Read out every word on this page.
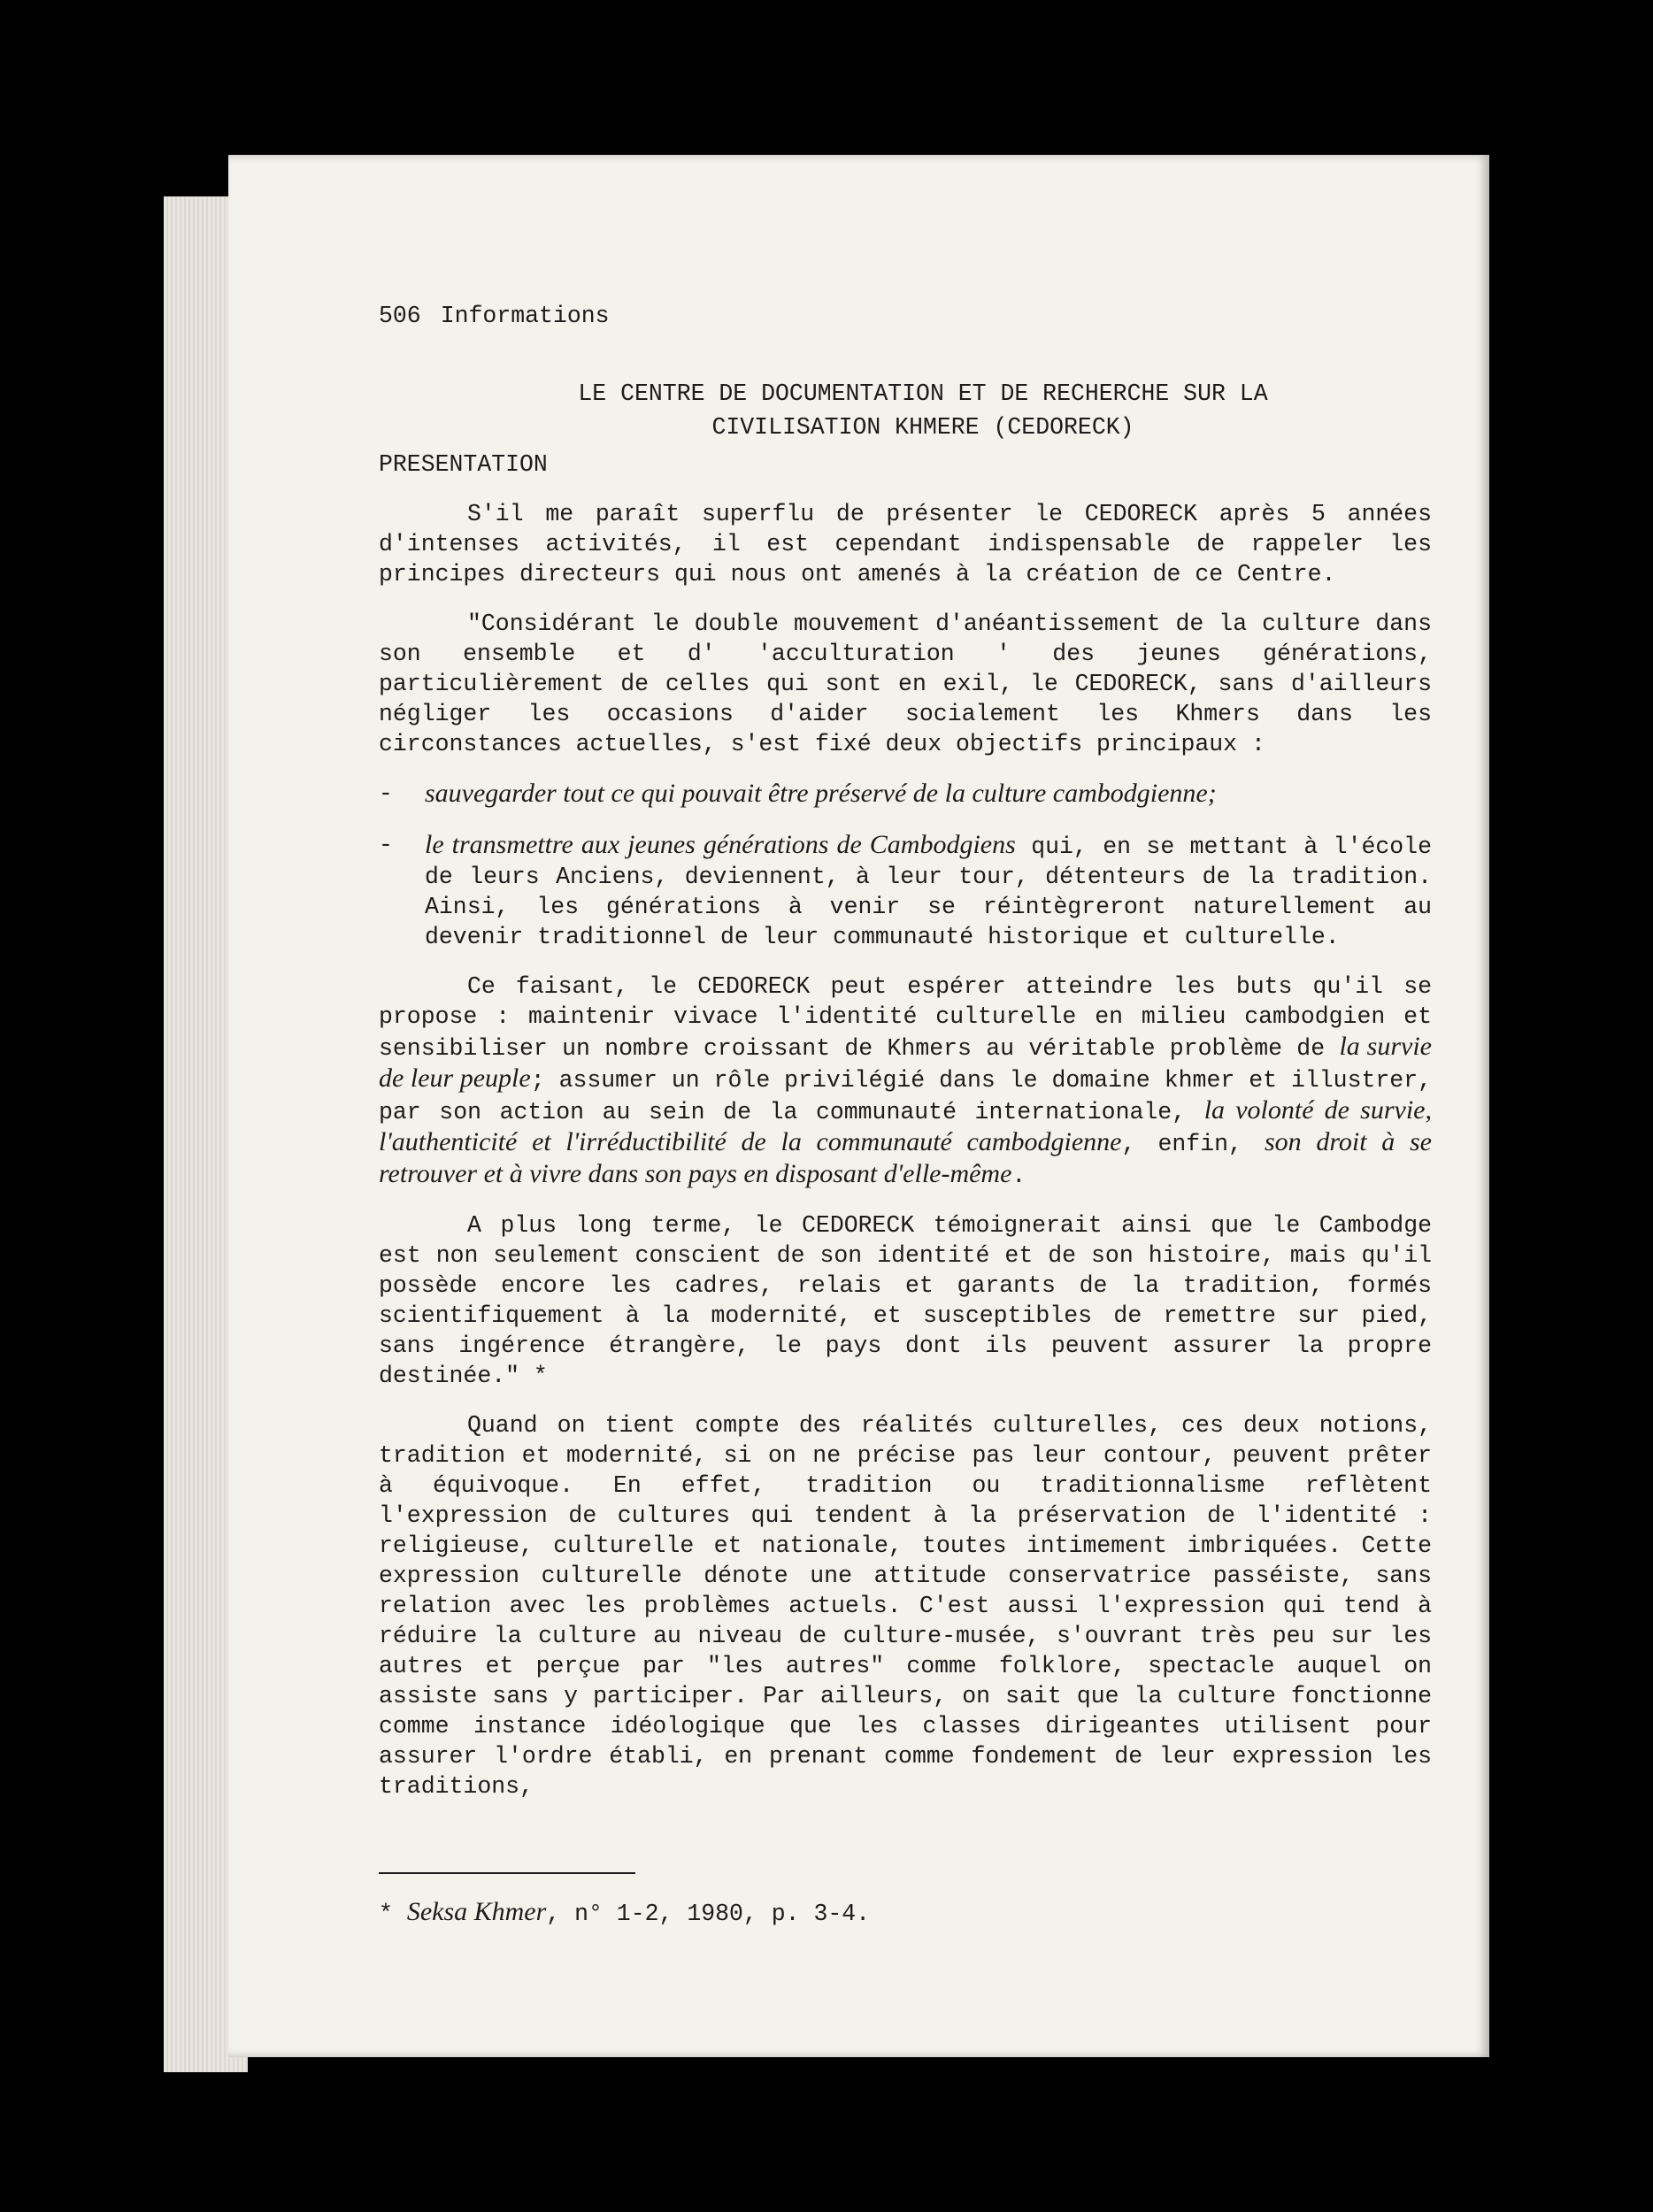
506 Informations
LE CENTRE DE DOCUMENTATION ET DE RECHERCHE SUR LA
CIVILISATION KHMERE (CEDORECK)
PRESENTATION

S'il me paraît superflu de présenter le CEDORECK après 5 années d'intenses activités, il est cependant indispensable de rappeler les principes directeurs qui nous ont amenés à la création de ce Centre.

"Considérant le double mouvement d'anéantissement de la culture dans son ensemble et d' 'acculturation ' des jeunes générations, particulièrement de celles qui sont en exil, le CEDORECK, sans d'ailleurs négliger les occasions d'aider socialement les Khmers dans les circonstances actuelles, s'est fixé deux objectifs principaux :

- sauvegarder tout ce qui pouvait être préservé de la culture cambodgienne;

- le transmettre aux jeunes générations de Cambodgiens qui, en se mettant à l'école de leurs Anciens, deviennent, à leur tour, détenteurs de la tradition. Ainsi, les générations à venir se réintègreront naturellement au devenir traditionnel de leur communauté historique et culturelle.

Ce faisant, le CEDORECK peut espérer atteindre les buts qu'il se propose : maintenir vivace l'identité culturelle en milieu cambodgien et sensibiliser un nombre croissant de Khmers au véritable problème de la survie de leur peuple; assumer un rôle privilégié dans le domaine khmer et illustrer, par son action au sein de la communauté internationale, la volonté de survie, l'authenticité et l'irréductibilité de la communauté cambodgienne, enfin, son droit à se retrouver et à vivre dans son pays en disposant d'elle-même.

A plus long terme, le CEDORECK témoignerait ainsi que le Cambodge est non seulement conscient de son identité et de son histoire, mais qu'il possède encore les cadres, relais et garants de la tradition, formés scientifiquement à la modernité, et susceptibles de remettre sur pied, sans ingérence étrangère, le pays dont ils peuvent assurer la propre destinée." *

Quand on tient compte des réalités culturelles, ces deux notions, tradition et modernité, si on ne précise pas leur contour, peuvent prêter à équivoque. En effet, tradition ou traditionnalisme reflètent l'expression de cultures qui tendent à la préservation de l'identité : religieuse, culturelle et nationale, toutes intimement imbriquées. Cette expression culturelle dénote une attitude conservatrice passéiste, sans relation avec les problèmes actuels. C'est aussi l'expression qui tend à réduire la culture au niveau de culture-musée, s'ouvrant très peu sur les autres et perçue par "les autres" comme folklore, spectacle auquel on assiste sans y participer. Par ailleurs, on sait que la culture fonctionne comme instance idéologique que les classes dirigeantes utilisent pour assurer l'ordre établi, en prenant comme fondement de leur expression les traditions,

* Seksa Khmer, n° 1-2, 1980, p. 3-4.
